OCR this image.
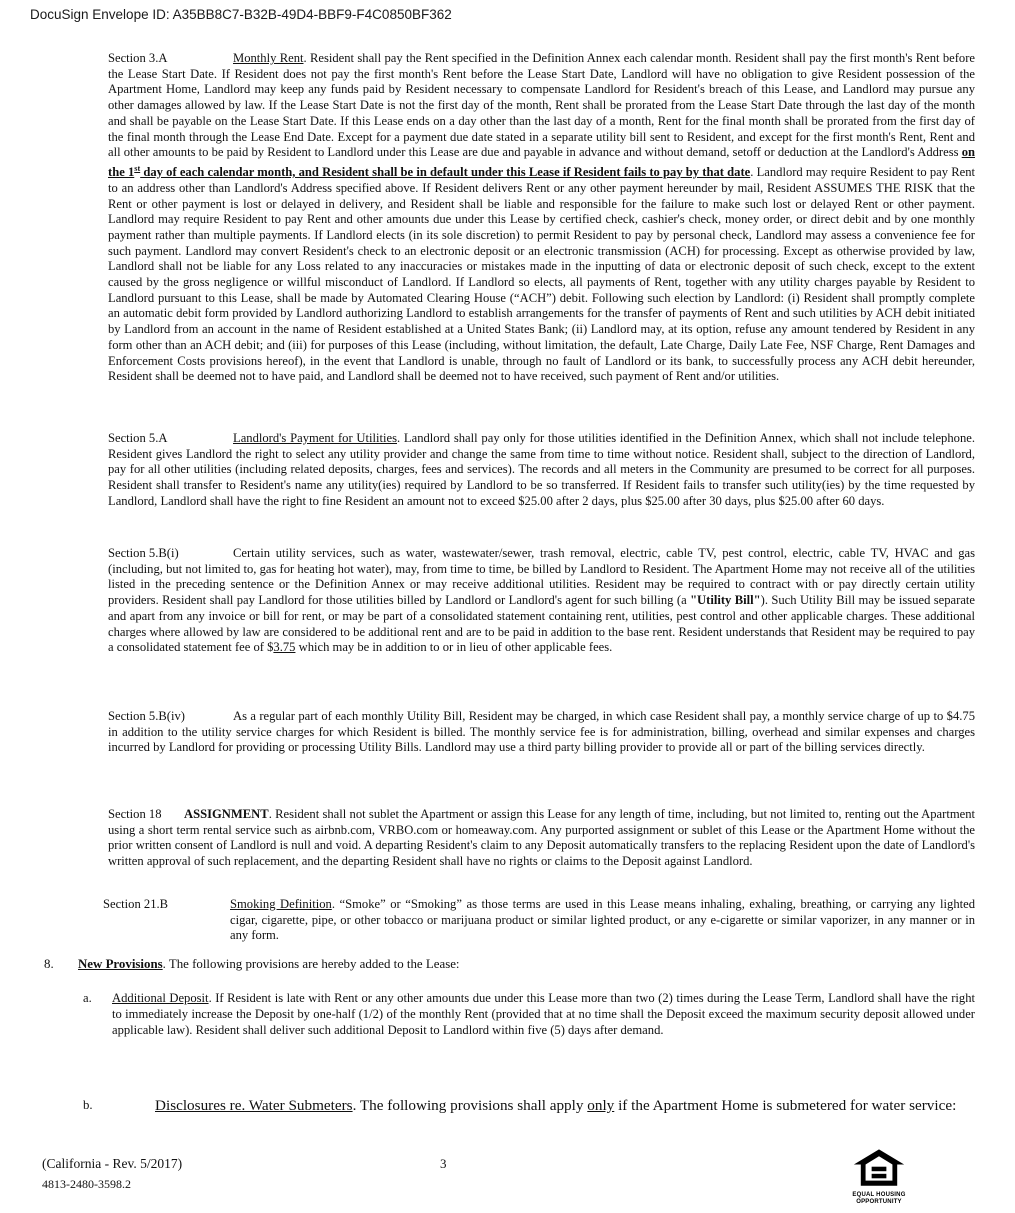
DocuSign Envelope ID: A35BB8C7-B32B-49D4-BBF9-F4C0850BF362

Section 3.A	Monthly Rent. Resident shall pay the Rent specified in the Definition Annex each calendar month. Resident shall pay the first month's Rent before the Lease Start Date. If Resident does not pay the first month's Rent before the Lease Start Date, Landlord will have no obligation to give Resident possession of the Apartment Home, Landlord may keep any funds paid by Resident necessary to compensate Landlord for Resident's breach of this Lease, and Landlord may pursue any other damages allowed by law. If the Lease Start Date is not the first day of the month, Rent shall be prorated from the Lease Start Date through the last day of the month and shall be payable on the Lease Start Date. If this Lease ends on a day other than the last day of a month, Rent for the final month shall be prorated from the first day of the final month through the Lease End Date. Except for a payment due date stated in a separate utility bill sent to Resident, and except for the first month's Rent, Rent and all other amounts to be paid by Resident to Landlord under this Lease are due and payable in advance and without demand, setoff or deduction at the Landlord's Address on the 1st day of each calendar month, and Resident shall be in default under this Lease if Resident fails to pay by that date. Landlord may require Resident to pay Rent to an address other than Landlord's Address specified above. If Resident delivers Rent or any other payment hereunder by mail, Resident ASSUMES THE RISK that the Rent or other payment is lost or delayed in delivery, and Resident shall be liable and responsible for the failure to make such lost or delayed Rent or other payment. Landlord may require Resident to pay Rent and other amounts due under this Lease by certified check, cashier's check, money order, or direct debit and by one monthly payment rather than multiple payments. If Landlord elects (in its sole discretion) to permit Resident to pay by personal check, Landlord may assess a convenience fee for such payment. Landlord may convert Resident's check to an electronic deposit or an electronic transmission (ACH) for processing. Except as otherwise provided by law, Landlord shall not be liable for any Loss related to any inaccuracies or mistakes made in the inputting of data or electronic deposit of such check, except to the extent caused by the gross negligence or willful misconduct of Landlord. If Landlord so elects, all payments of Rent, together with any utility charges payable by Resident to Landlord pursuant to this Lease, shall be made by Automated Clearing House (“ACH”) debit. Following such election by Landlord: (i) Resident shall promptly complete an automatic debit form provided by Landlord authorizing Landlord to establish arrangements for the transfer of payments of Rent and such utilities by ACH debit initiated by Landlord from an account in the name of Resident established at a United States Bank; (ii) Landlord may, at its option, refuse any amount tendered by Resident in any form other than an ACH debit; and (iii) for purposes of this Lease (including, without limitation, the default, Late Charge, Daily Late Fee, NSF Charge, Rent Damages and Enforcement Costs provisions hereof), in the event that Landlord is unable, through no fault of Landlord or its bank, to successfully process any ACH debit hereunder, Resident shall be deemed not to have paid, and Landlord shall be deemed not to have received, such payment of Rent and/or utilities.

Section 5.A	Landlord's Payment for Utilities. Landlord shall pay only for those utilities identified in the Definition Annex, which shall not include telephone. Resident gives Landlord the right to select any utility provider and change the same from time to time without notice. Resident shall, subject to the direction of Landlord, pay for all other utilities (including related deposits, charges, fees and services). The records and all meters in the Community are presumed to be correct for all purposes. Resident shall transfer to Resident's name any utility(ies) required by Landlord to be so transferred. If Resident fails to transfer such utility(ies) by the time requested by Landlord, Landlord shall have the right to fine Resident an amount not to exceed $25.00 after 2 days, plus $25.00 after 30 days, plus $25.00 after 60 days.

Section 5.B(i)	Certain utility services, such as water, wastewater/sewer, trash removal, electric, cable TV, pest control, electric, cable TV, HVAC and gas (including, but not limited to, gas for heating hot water), may, from time to time, be billed by Landlord to Resident. The Apartment Home may not receive all of the utilities listed in the preceding sentence or the Definition Annex or may receive additional utilities. Resident may be required to contract with or pay directly certain utility providers. Resident shall pay Landlord for those utilities billed by Landlord or Landlord's agent for such billing (a "Utility Bill"). Such Utility Bill may be issued separate and apart from any invoice or bill for rent, or may be part of a consolidated statement containing rent, utilities, pest control and other applicable charges. These additional charges where allowed by law are considered to be additional rent and are to be paid in addition to the base rent. Resident understands that Resident may be required to pay a consolidated statement fee of $3.75 which may be in addition to or in lieu of other applicable fees.

Section 5.B(iv)	As a regular part of each monthly Utility Bill, Resident may be charged, in which case Resident shall pay, a monthly service charge of up to $4.75 in addition to the utility service charges for which Resident is billed. The monthly service fee is for administration, billing, overhead and similar expenses and charges incurred by Landlord for providing or processing Utility Bills. Landlord may use a third party billing provider to provide all or part of the billing services directly.

Section 18 ASSIGNMENT. Resident shall not sublet the Apartment or assign this Lease for any length of time, including, but not limited to, renting out the Apartment using a short term rental service such as airbnb.com, VRBO.com or homeaway.com. Any purported assignment or sublet of this Lease or the Apartment Home without the prior written consent of Landlord is null and void. A departing Resident's claim to any Deposit automatically transfers to the replacing Resident upon the date of Landlord's written approval of such replacement, and the departing Resident shall have no rights or claims to the Deposit against Landlord.

Section 21.B	Smoking Definition. “Smoke” or “Smoking” as those terms are used in this Lease means inhaling, exhaling, breathing, or carrying any lighted cigar, cigarette, pipe, or other tobacco or marijuana product or similar lighted product, or any e-cigarette or similar vaporizer, in any manner or in any form.
8.	New Provisions. The following provisions are hereby added to the Lease:
a.	Additional Deposit. If Resident is late with Rent or any other amounts due under this Lease more than two (2) times during the Lease Term, Landlord shall have the right to immediately increase the Deposit by one-half (1/2) of the monthly Rent (provided that at no time shall the Deposit exceed the maximum security deposit allowed under applicable law). Resident shall deliver such additional Deposit to Landlord within five (5) days after demand.
b.	Disclosures re. Water Submeters. The following provisions shall apply only if the Apartment Home is submetered for water service:
(California - Rev. 5/2017)
4813-2480-3598.2
3
EQUAL HOUSING
OPPORTUNITY
